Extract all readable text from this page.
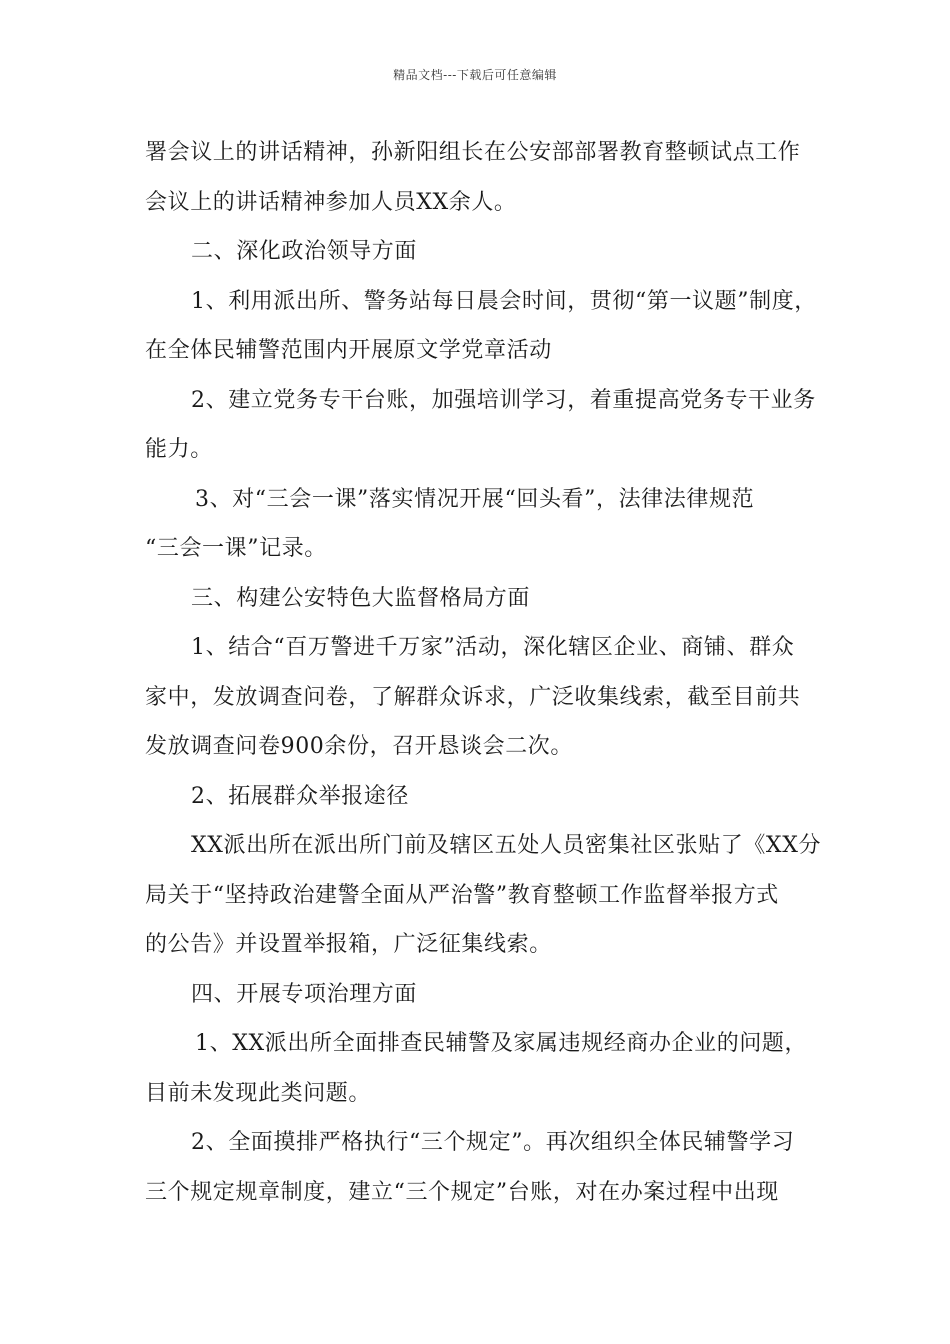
精品文档---下载后可任意编辑
署会议上的讲话精神，孙新阳组长在公安部部署教育整顿试点工作
会议上的讲话精神参加人员XX余人。
二、深化政治领导方面
1、利用派出所、警务站每日晨会时间，贯彻“第一议题”制度，
在全体民辅警范围内开展原文学党章活动
2、建立党务专干台账，加强培训学习，着重提高党务专干业务
能力。
3、对“三会一课”落实情况开展“回头看”，法律法律规范
“三会一课”记录。
三、构建公安特色大监督格局方面
1、结合“百万警进千万家”活动，深化辖区企业、商铺、群众
家中，发放调查问卷，了解群众诉求，广泛收集线索，截至目前共
发放调查问卷900余份，召开恳谈会二次。
2、拓展群众举报途径
XX派出所在派出所门前及辖区五处人员密集社区张贴了《XX分
局关于“坚持政治建警全面从严治警”教育整顿工作监督举报方式
的公告》并设置举报箱，广泛征集线索。
四、开展专项治理方面
1、XX派出所全面排查民辅警及家属违规经商办企业的问题，
目前未发现此类问题。
2、全面摸排严格执行“三个规定”。再次组织全体民辅警学习
三个规定规章制度，建立“三个规定”台账，对在办案过程中出现
